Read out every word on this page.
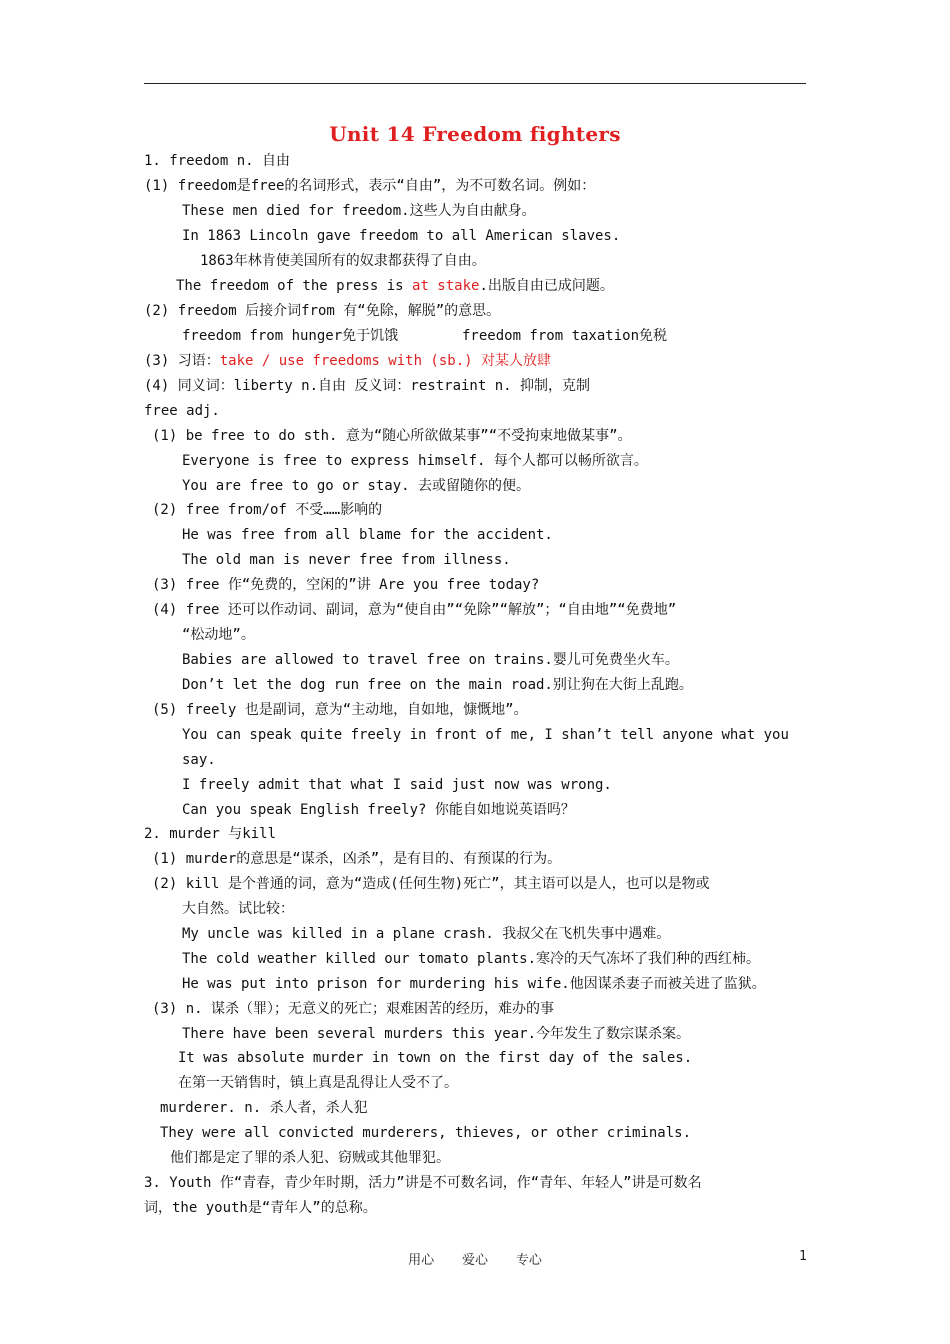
Unit 14 Freedom fighters
1. freedom n. 自由
(1) freedom是free的名词形式，表示“自由”，为不可数名词。例如：
These men died for freedom.这些人为自由献身。
In 1863 Lincoln gave freedom to all American slaves.
1863年林肯使美国所有的奴隶都获得了自由。
The freedom of the press is at stake.出版自由已成问题。
(2) freedom 后接介词from 有“免除，解脱”的意思。
freedom from hunger免于饥饿	freedom from taxation免税
(3) 习语：take / use freedoms with (sb.) 对某人放肆
(4) 同义词：liberty n.自由 反义词：restraint n. 抑制，克制
free adj.
(1) be free to do sth. 意为“随心所欲做某事”“不受拘束地做某事”。
Everyone is free to express himself. 每个人都可以畅所欲言。
You are free to go or stay. 去或留随你的便。
(2) free from/of 不受……影响的
He was free from all blame for the accident.
The old man is never free from illness.
(3) free 作“免费的，空闲的”讲 Are you free today?
(4) free 还可以作动词、副词，意为“使自由”“免除”“解放”；“自由地”“免费地”
“松动地”。
Babies are allowed to travel free on trains.婴儿可免费坐火车。
Don’t let the dog run free on the main road.别让狗在大街上乱跑。
(5) freely 也是副词，意为“主动地，自如地，慷慨地”。
You can speak quite freely in front of me, I shan’t tell anyone what you
say.
I freely admit that what I said just now was wrong.
Can you speak English freely? 你能自如地说英语吗？
2. murder 与kill
(1) murder的意思是“谋杀，凶杀”，是有目的、有预谋的行为。
(2) kill 是个普通的词，意为“造成(任何生物)死亡”，其主语可以是人，也可以是物或
大自然。试比较：
My uncle was killed in a plane crash. 我叔父在飞机失事中遇难。
The cold weather killed our tomato plants.寒冷的天气冻坏了我们种的西红柿。
He was put into prison for murdering his wife.他因谋杀妻子而被关进了监狱。
(3) n. 谋杀（罪）；无意义的死亡；艰难困苦的经历，难办的事
There have been several murders this year.今年发生了数宗谋杀案。
It was absolute murder in town on the first day of the sales.
在第一天销售时，镇上真是乱得让人受不了。
murderer. n. 杀人者，杀人犯
They were all convicted murderers, thieves, or other criminals.
他们都是定了罪的杀人犯、窃贼或其他罪犯。
3. Youth 作“青春，青少年时期，活力”讲是不可数名词，作“青年、年轻人”讲是可数名
词，the youth是“青年人”的总称。
用心 爱心 专心	1
